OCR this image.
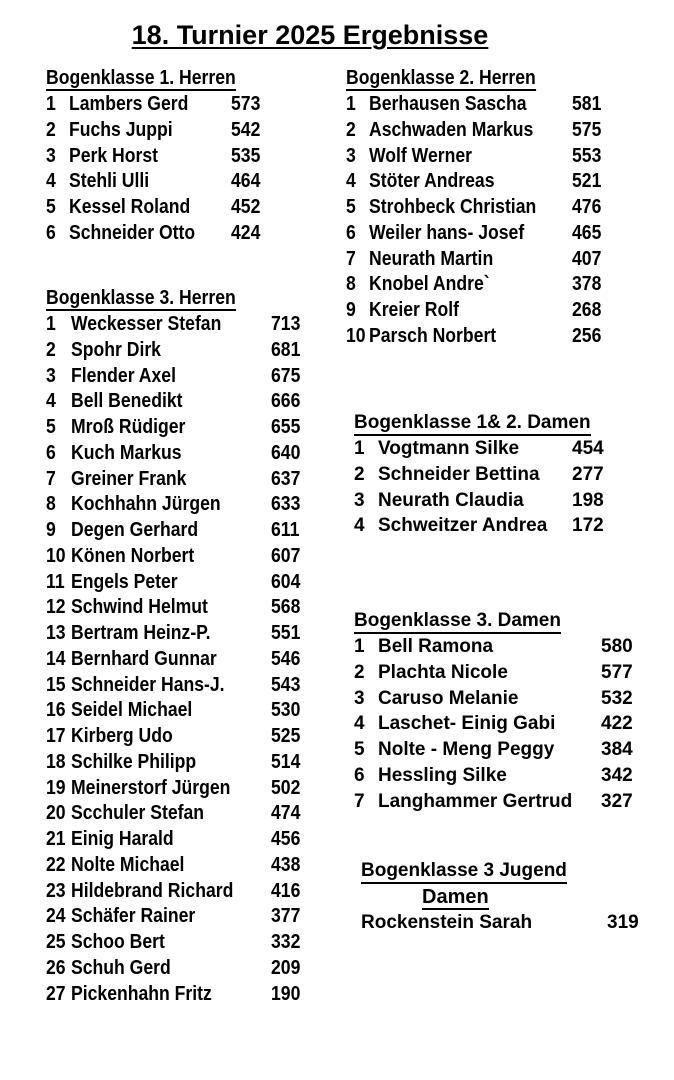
18. Turnier 2025 Ergebnisse
Bogenklasse 1. Herren
1 Lambers Gerd 573
2 Fuchs Juppi	542
3 Perk Horst	535
4 Stehli Ulli	464
5 Kessel Roland 452
6 Schneider Otto 424
Bogenklasse 2. Herren
1 Berhausen Sascha 581
2 Aschwaden Markus 575
3 Wolf Werner	553
4 Stöter Andreas	521
5 Strohbeck Christian 476
6 Weiler hans- Josef 465
7 Neurath Martin	407
8 Knobel Andre`	378
9 Kreier Rolf	268
10 Parsch Norbert	256
Bogenklasse 3. Herren
1 Weckesser Stefan 713
2 Spohr Dirk	681
3 Flender Axel	675
4 Bell Benedikt	666
5 Mroß Rüdiger	655
6 Kuch Markus	640
7 Greiner Frank	637
8 Kochhahn Jürgen	633
9 Degen Gerhard	611
10 Könen Norbert	607
11 Engels Peter	604
12 Schwind Helmut	568
13 Bertram Heinz-P.	551
14 Bernhard Gunnar	546
15 Schneider Hans-J. 543
16 Seidel Michael	530
17 Kirberg Udo	525
18 Schilke Philipp	514
19 Meinerstorf Jürgen 502
20 Scchuler Stefan	474
21 Einig Harald	456
22 Nolte Michael	438
23 Hildebrand Richard 416
24 Schäfer Rainer	377
25 Schoo Bert	332
26 Schuh Gerd	209
27 Pickenhahn Fritz	190
Bogenklasse 1& 2. Damen
1 Vogtmann Silke	454
2 Schneider Bettina 277
3 Neurath Claudia	198
4 Schweitzer Andrea 172
Bogenklasse 3. Damen
1 Bell Ramona	580
2 Plachta Nicole	577
3 Caruso Melanie	532
4 Laschet- Einig Gabi 422
5 Nolte - Meng Peggy 384
6 Hessling Silke	342
7 Langhammer Gertrud 327
Bogenklasse 3 Jugend
Damen
Rockenstein Sarah	319
